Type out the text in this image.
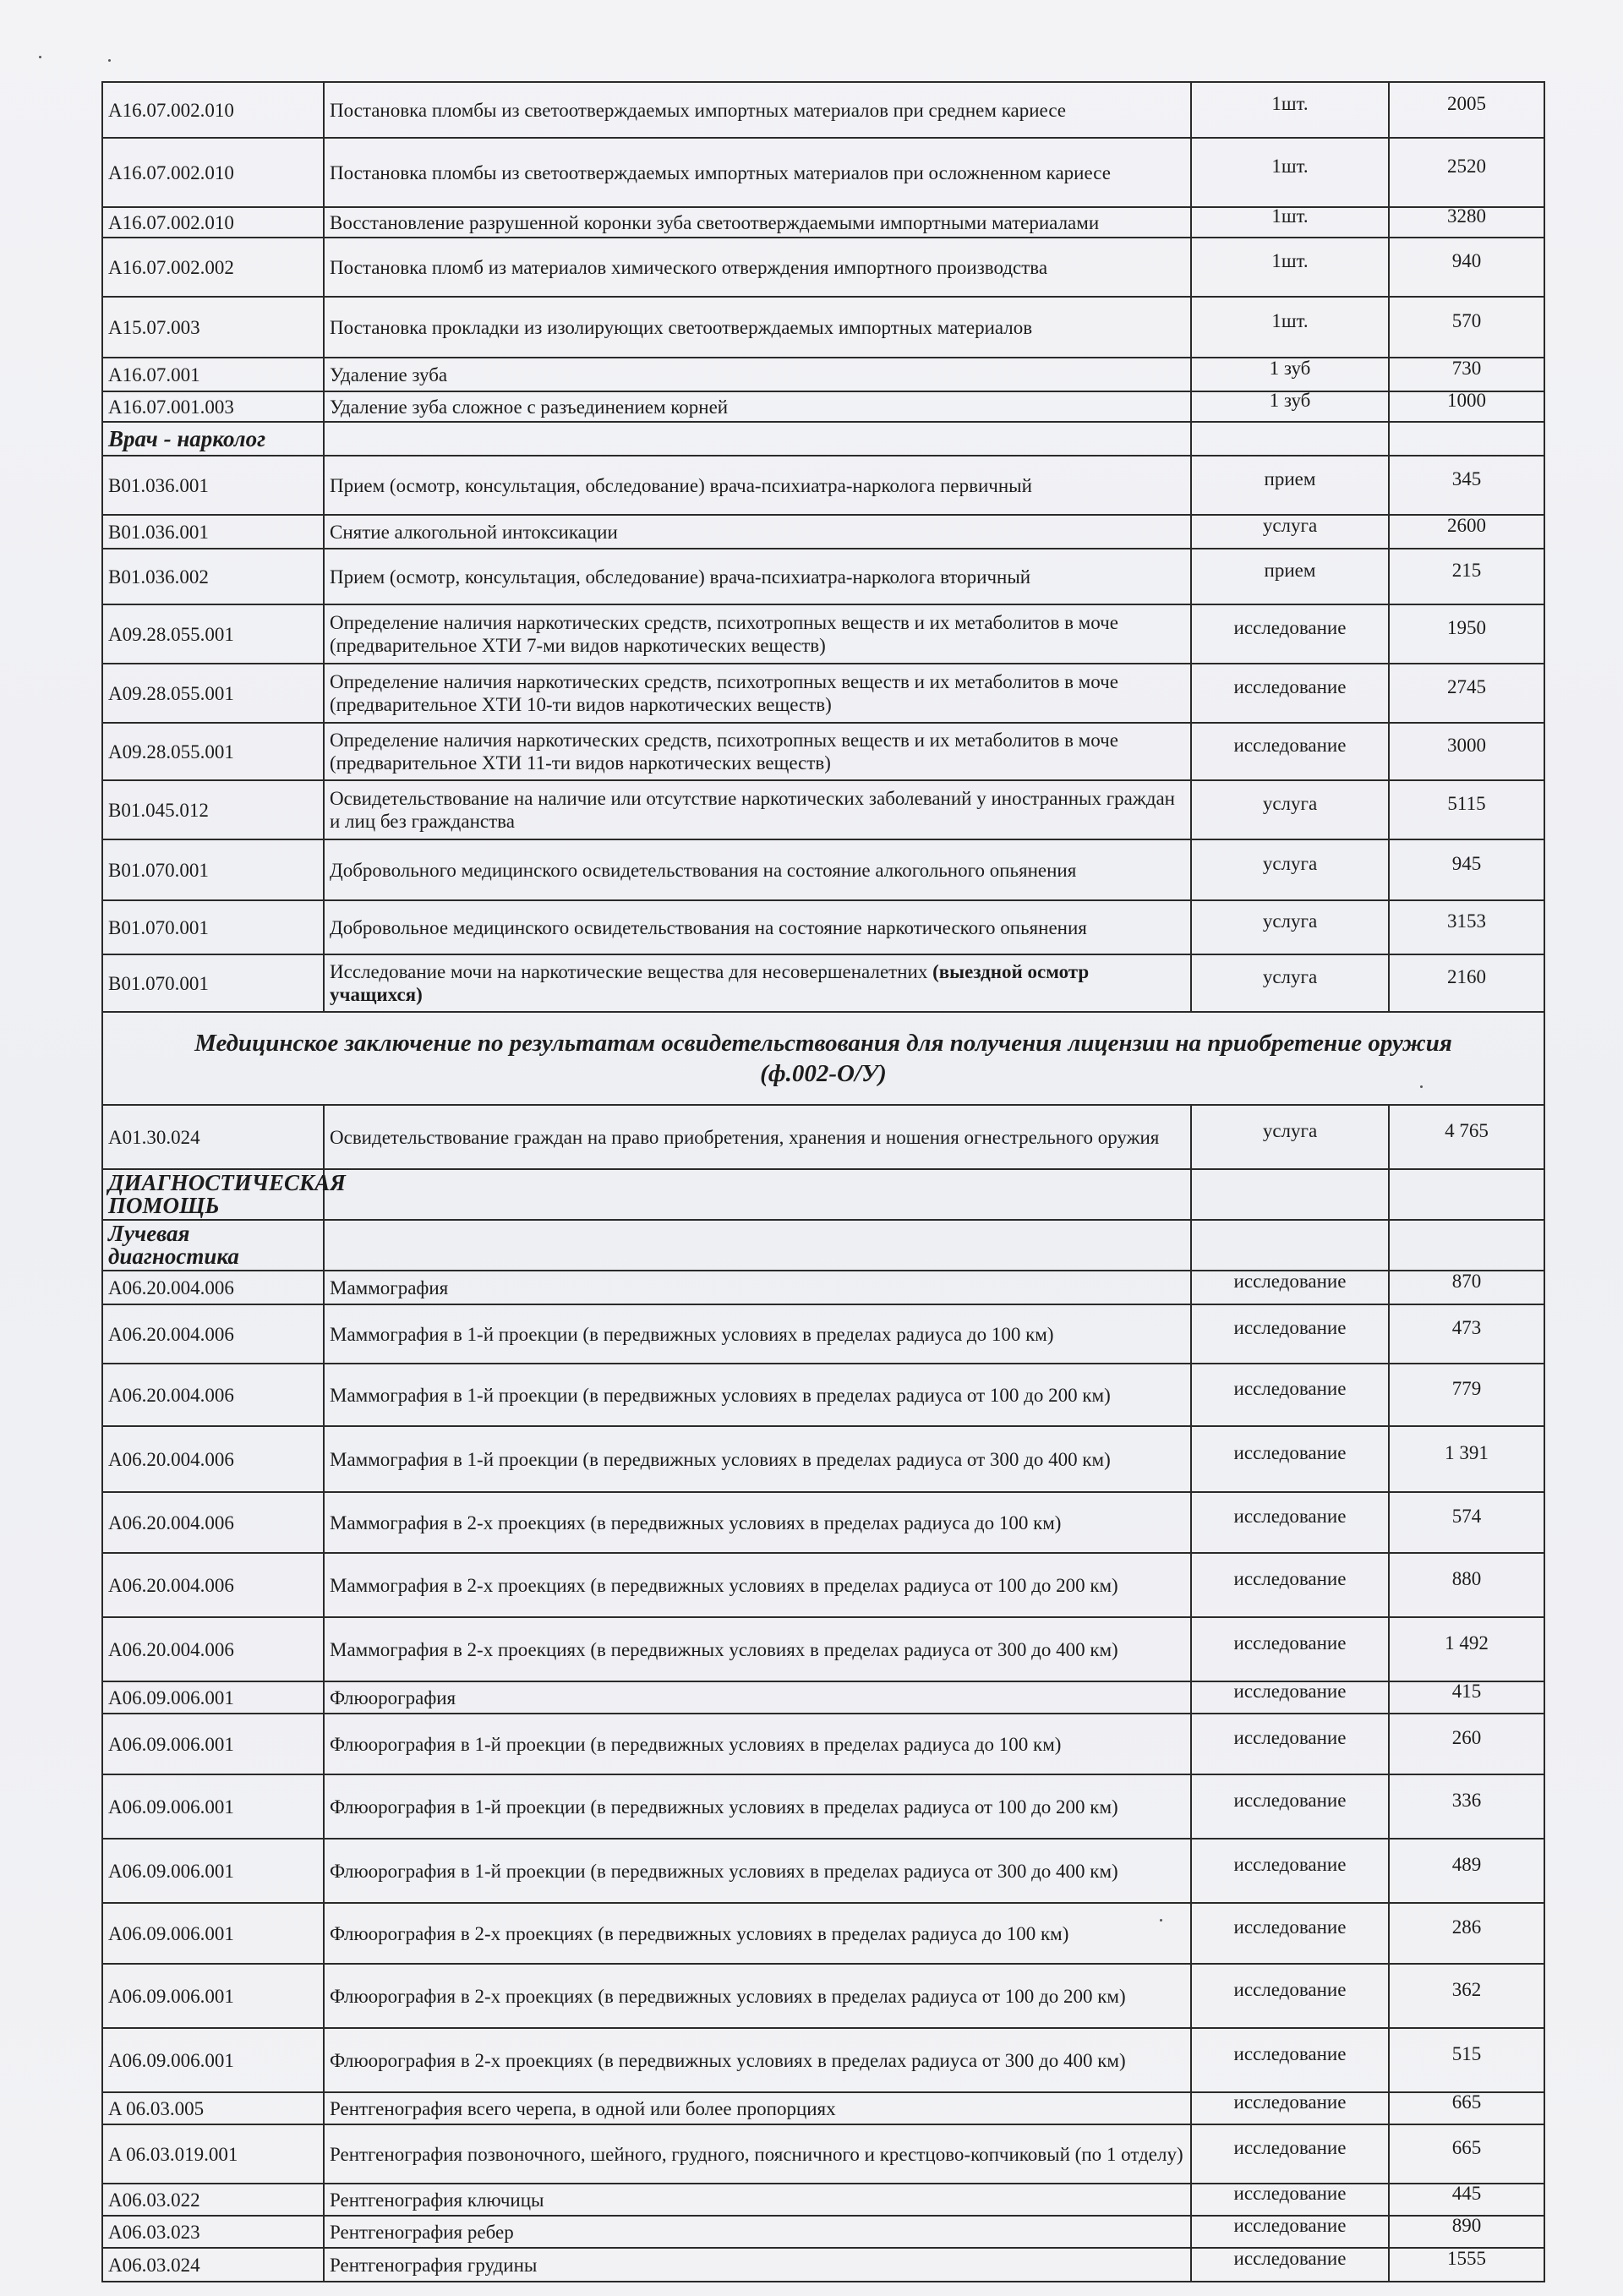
A16.07.002.010	Постановка пломбы из светоотверждаемых импортных материалов при среднем кариесе	1шт.	2005
A16.07.002.010	Постановка пломбы из светоотверждаемых импортных материалов при осложненном кариесе	1шт.	2520
A16.07.002.010	Восстановление разрушенной коронки зуба светоотверждаемыми импортными материалами	1шт.	3280
A16.07.002.002	Постановка пломб из материалов химического отверждения импортного производства	1шт.	940
A15.07.003	Постановка прокладки из изолирующих светоотверждаемых импортных материалов	1шт.	570
A16.07.001	Удаление зуба	1 зуб	730
A16.07.001.003	Удаление зуба сложное с разъединением корней	1 зуб	1000
Врач - нарколог			
B01.036.001	Прием (осмотр, консультация, обследование) врача-психиатра-нарколога первичный	прием	345
B01.036.001	Снятие алкогольной интоксикации	услуга	2600
B01.036.002	Прием (осмотр, консультация, обследование) врача-психиатра-нарколога вторичный	прием	215
A09.28.055.001	Определение наличия наркотических средств, психотропных веществ и их метаболитов в моче (предварительное ХТИ 7-ми видов наркотических веществ)	исследование	1950
A09.28.055.001	Определение наличия наркотических средств, психотропных веществ и их метаболитов в моче (предварительное ХТИ 10-ти видов наркотических веществ)	исследование	2745
A09.28.055.001	Определение наличия наркотических средств, психотропных веществ и их метаболитов в моче (предварительное ХТИ 11-ти видов наркотических веществ)	исследование	3000
B01.045.012	Освидетельствование на наличие или отсутствие наркотических заболеваний у иностранных граждан и лиц без гражданства	услуга	5115
B01.070.001	Добровольного медицинского освидетельствования на состояние алкогольного опьянения	услуга	945
B01.070.001	Добровольное медицинского освидетельствования на состояние наркотического опьянения	услуга	3153
B01.070.001	Исследование мочи на наркотические вещества для несовершеналетних (выездной осмотр учащихся)	услуга	2160
Медицинское заключение по результатам освидетельствования для получения лицензии на приобретение оружия (ф.002-О/У)			
A01.30.024	Освидетельствование граждан на право приобретения, хранения и ношения огнестрельного оружия	услуга	4 765
ДИАГНОСТИЧЕСКАЯ ПОМОЩЬ			
Лучевая диагностика			
A06.20.004.006	Маммография	исследование	870
A06.20.004.006	Маммография в 1-й проекции (в передвижных условиях в пределах радиуса до 100 км)	исследование	473
A06.20.004.006	Маммография в 1-й проекции (в передвижных условиях в пределах радиуса от 100 до 200 км)	исследование	779
A06.20.004.006	Маммография в 1-й проекции (в передвижных условиях в пределах радиуса от 300 до 400 км)	исследование	1 391
A06.20.004.006	Маммография в 2-х проекциях (в передвижных условиях в пределах радиуса до 100 км)	исследование	574
A06.20.004.006	Маммография в 2-х проекциях (в передвижных условиях в пределах радиуса от 100 до 200 км)	исследование	880
A06.20.004.006	Маммография в 2-х проекциях (в передвижных условиях в пределах радиуса от 300 до 400 км)	исследование	1 492
A06.09.006.001	Флюорография	исследование	415
A06.09.006.001	Флюорография в 1-й проекции (в передвижных условиях в пределах радиуса до 100 км)	исследование	260
A06.09.006.001	Флюорография в 1-й проекции (в передвижных условиях в пределах радиуса от 100 до 200 км)	исследование	336
A06.09.006.001	Флюорография в 1-й проекции (в передвижных условиях в пределах радиуса от 300 до 400 км)	исследование	489
A06.09.006.001	Флюорография в 2-х проекциях (в передвижных условиях в пределах радиуса до 100 км)	исследование	286
A06.09.006.001	Флюорография в 2-х проекциях (в передвижных условиях в пределах радиуса от 100 до 200 км)	исследование	362
A06.09.006.001	Флюорография в 2-х проекциях (в передвижных условиях в пределах радиуса от 300 до 400 км)	исследование	515
A 06.03.005	Рентгенография всего черепа, в одной или более пропорциях	исследование	665
A 06.03.019.001	Рентгенография позвоночного, шейного, грудного, поясничного и крестцово-копчиковый (по 1 отделу)	исследование	665
A06.03.022	Рентгенография ключицы	исследование	445
A06.03.023	Рентгенография ребер	исследование	890
A06.03.024	Рентгенография грудины	исследование	1555
